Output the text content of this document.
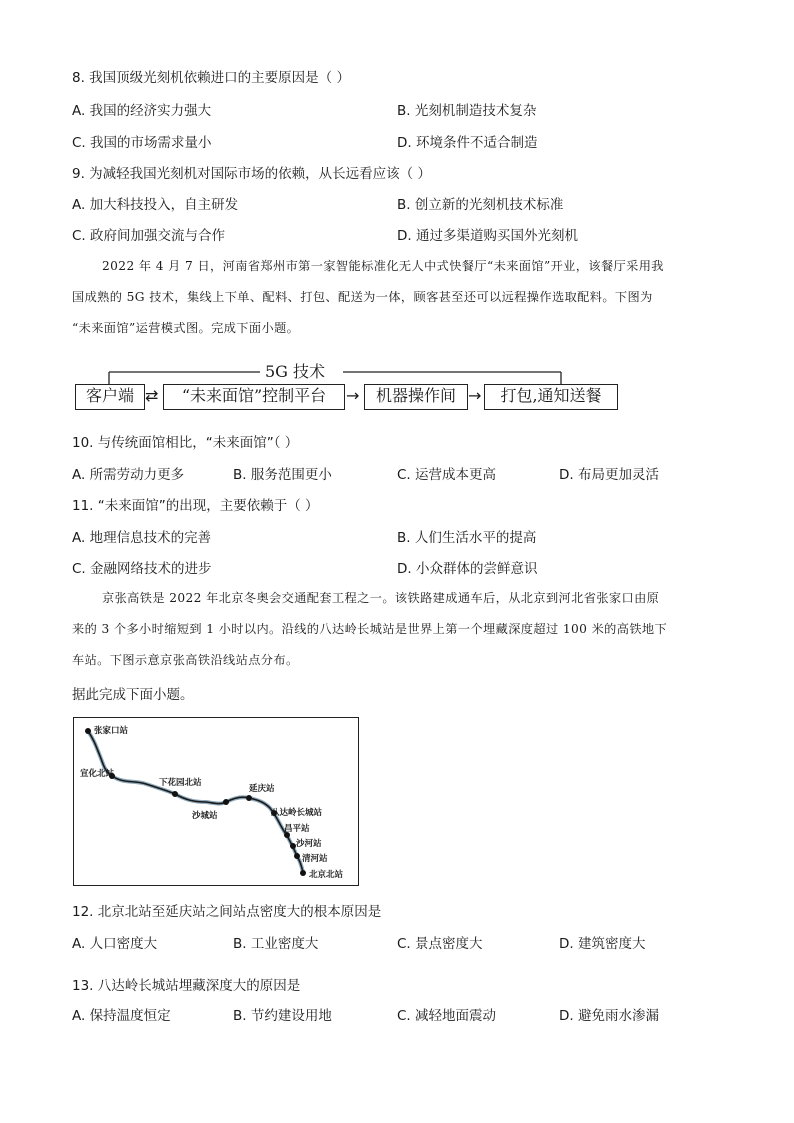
8. 我国顶级光刻机依赖进口的主要原因是（ ）
A. 我国的经济实力强大	B. 光刻机制造技术复杂
C. 我国的市场需求量小	D. 环境条件不适合制造
9. 为减轻我国光刻机对国际市场的依赖，从长远看应该（ ）
A. 加大科技投入，自主研发	B. 创立新的光刻机技术标准
C. 政府间加强交流与合作	D. 通过多渠道购买国外光刻机
2022 年 4 月 7 日，河南省郑州市第一家智能标准化无人中式快餐厅“未来面馆”开业，该餐厅采用我
国成熟的 5G 技术，集线上下单、配料、打包、配送为一体，顾客甚至还可以远程操作选取配料。下图为
“未来面馆”运营模式图。完成下面小题。
5G 技术
客户端 ⇄	“未来面馆”控制平台	→	机器操作间 →	打包,通知送餐
10. 与传统面馆相比，“未来面馆”（ ）
A. 所需劳动力更多	B. 服务范围更小	C. 运营成本更高	D. 布局更加灵活
11. “未来面馆”的出现，主要依赖于（ ）
A. 地理信息技术的完善	B. 人们生活水平的提高
C. 金融网络技术的进步	D. 小众群体的尝鲜意识
京张高铁是 2022 年北京冬奥会交通配套工程之一。该铁路建成通车后，从北京到河北省张家口由原
来的 3 个多小时缩短到 1 小时以内。沿线的八达岭长城站是世界上第一个埋藏深度超过 100 米的高铁地下
车站。下图示意京张高铁沿线站点分布。
据此完成下面小题。
张家口站
宣化北站
下花园北站
沙城站
延庆站
八达岭长城站
昌平站
沙河站
清河站
北京北站
12. 北京北站至延庆站之间站点密度大的根本原因是
A. 人口密度大	B. 工业密度大	C. 景点密度大	D. 建筑密度大
13. 八达岭长城站埋藏深度大的原因是
A. 保持温度恒定	B. 节约建设用地	C. 减轻地面震动	D. 避免雨水渗漏
